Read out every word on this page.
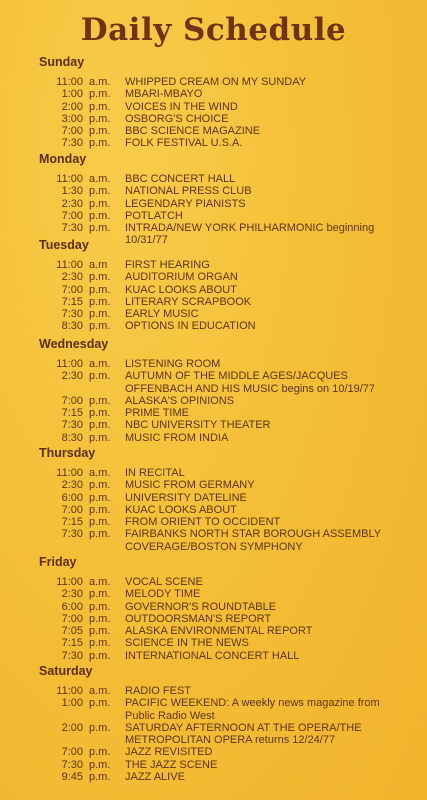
Daily Schedule
Sunday
11:00 a.m.	WHIPPED CREAM ON MY SUNDAY
1:00 p.m.	MBARI-MBAYO
2:00 p.m.	VOICES IN THE WIND
3:00 p.m.	OSBORG'S CHOICE
7:00 p.m.	BBC SCIENCE MAGAZINE
7:30 p.m.	FOLK FESTIVAL U.S.A.
Monday
11:00 a.m.	BBC CONCERT HALL
1:30 p.m.	NATIONAL PRESS CLUB
2:30 p.m.	LEGENDARY PIANISTS
7:00 p.m.	POTLATCH
7:30 p.m.	INTRADA/NEW YORK PHILHARMONIC beginning 10/31/77
Tuesday
11:00 a.m	FIRST HEARING
2:30 p.m.	AUDITORIUM ORGAN
7:00 p.m.	KUAC LOOKS ABOUT
7:15 p.m.	LITERARY SCRAPBOOK
7:30 p.m.	EARLY MUSIC
8:30 p.m.	OPTIONS IN EDUCATION
Wednesday
11:00 a.m.	LISTENING ROOM
2:30 p.m.	AUTUMN OF THE MIDDLE AGES/JACQUES OFFENBACH AND HIS MUSIC begins on 10/19/77
7:00 p.m.	ALASKA'S OPINIONS
7:15 p.m.	PRIME TIME
7:30 p.m.	NBC UNIVERSITY THEATER
8:30 p.m.	MUSIC FROM INDIA
Thursday
11:00 a.m.	IN RECITAL
2:30 p.m.	MUSIC FROM GERMANY
6:00 p.m.	UNIVERSITY DATELINE
7:00 p.m.	KUAC LOOKS ABOUT
7:15 p.m.	FROM ORIENT TO OCCIDENT
7:30 p.m.	FAIRBANKS NORTH STAR BOROUGH ASSEMBLY COVERAGE/BOSTON SYMPHONY
Friday
11:00 a.m.	VOCAL SCENE
2:30 p.m.	MELODY TIME
6:00 p.m.	GOVERNOR'S ROUNDTABLE
7:00 p.m.	OUTDOORSMAN'S REPORT
7:05 p.m.	ALASKA ENVIRONMENTAL REPORT
7:15 p.m.	SCIENCE IN THE NEWS
7:30 p.m.	INTERNATIONAL CONCERT HALL
Saturday
11:00 a.m.	RADIO FEST
1:00 p.m.	PACIFIC WEEKEND: A weekly news magazine from Public Radio West
2:00 p.m.	SATURDAY AFTERNOON AT THE OPERA/THE METROPOLITAN OPERA returns 12/24/77
7:00 p.m.	JAZZ REVISITED
7:30 p.m.	THE JAZZ SCENE
9:45 p.m.	JAZZ ALIVE
